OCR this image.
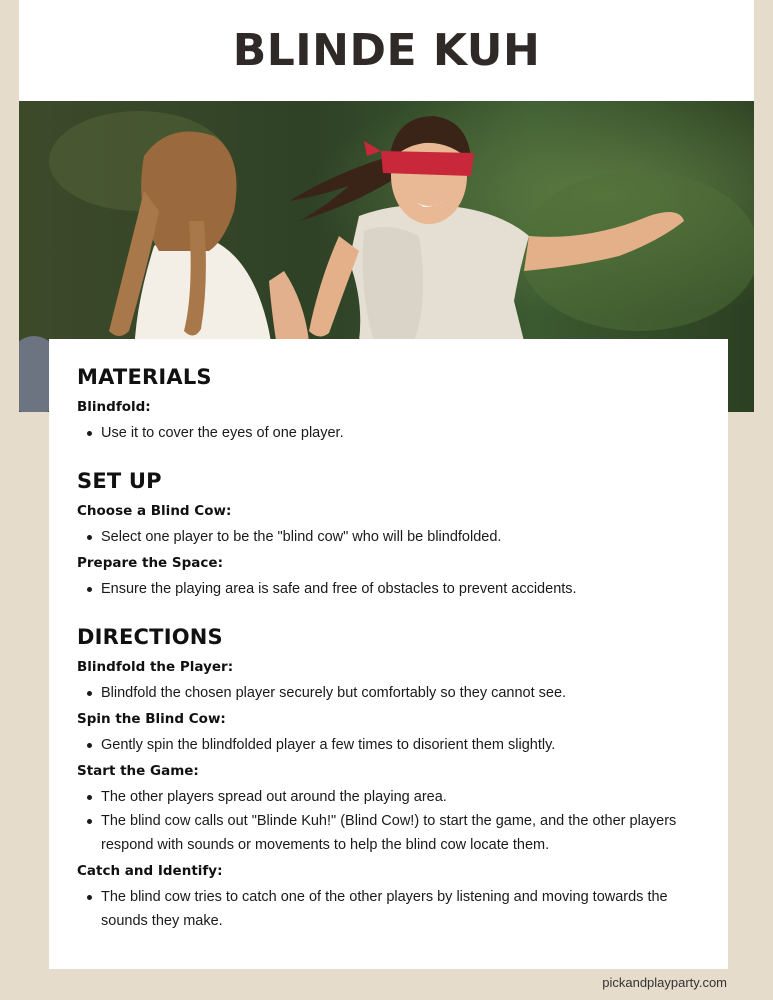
BLINDE KUH
MATERIALS
Blindfold:
Use it to cover the eyes of one player.
SET UP
Choose a Blind Cow:
Select one player to be the "blind cow" who will be blindfolded.
Prepare the Space:
Ensure the playing area is safe and free of obstacles to prevent accidents.
DIRECTIONS
Blindfold the Player:
Blindfold the chosen player securely but comfortably so they cannot see.
Spin the Blind Cow:
Gently spin the blindfolded player a few times to disorient them slightly.
Start the Game:
The other players spread out around the playing area.
The blind cow calls out "Blinde Kuh!" (Blind Cow!) to start the game, and the other players respond with sounds or movements to help the blind cow locate them.
Catch and Identify:
The blind cow tries to catch one of the other players by listening and moving towards the sounds they make.
pickandplayparty.com
